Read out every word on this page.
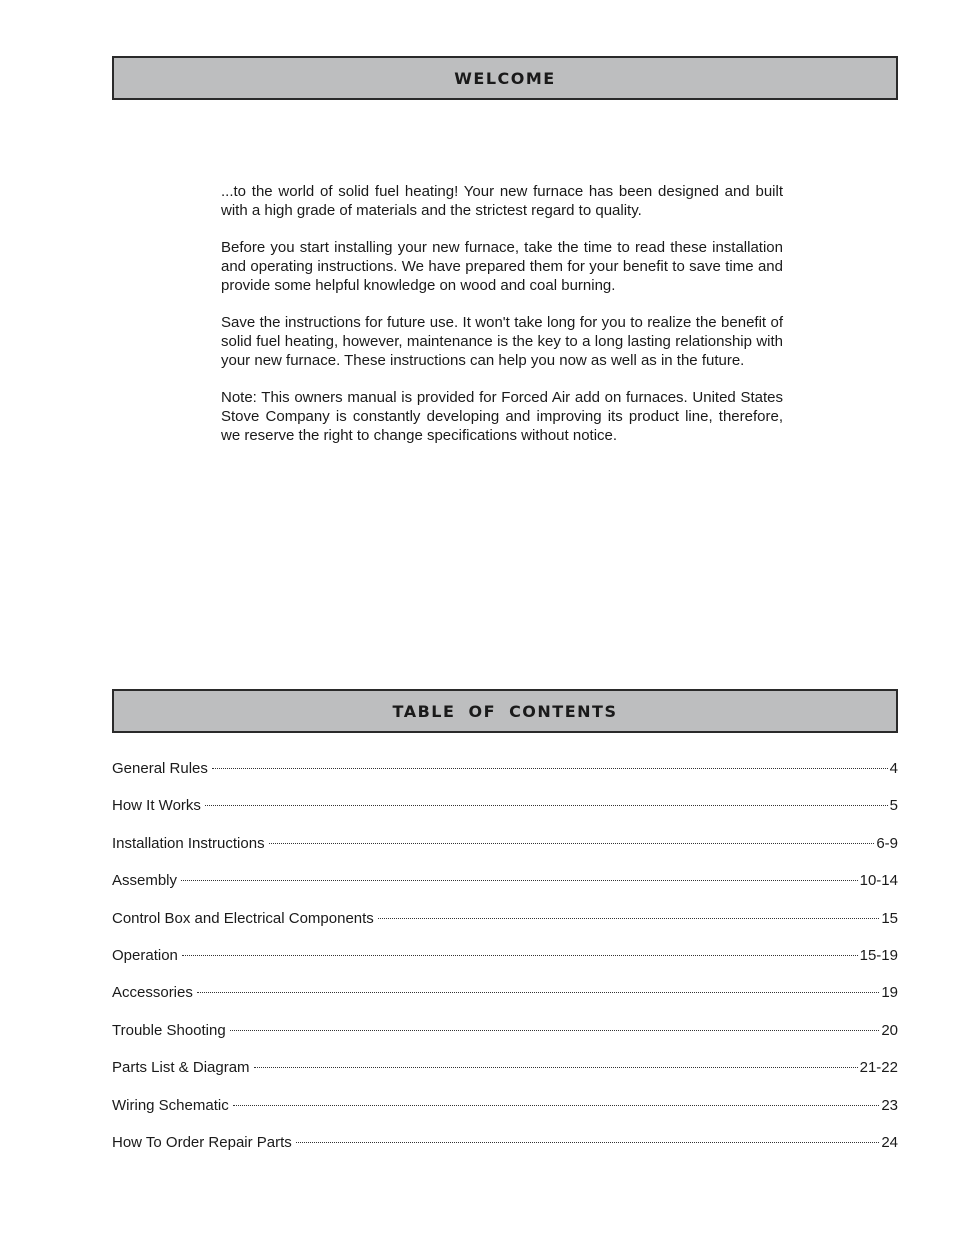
WELCOME

...to the world of solid fuel heating! Your new furnace has been designed and built with a high grade of materials and the strictest regard to quality.

Before you start installing your new furnace, take the time to read these installation and operating instructions. We have prepared them for your benefit to save time and provide some helpful knowledge on wood and coal burning.

Save the instructions for future use. It won't take long for you to realize the benefit of solid fuel heating, however, maintenance is the key to a long lasting relationship with your new furnace. These instructions can help you now as well as in the future.

Note: This owners manual is provided for Forced Air add on furnaces. United States Stove Company is constantly developing and improving its product line, therefore, we reserve the right to change specifications without notice.

TABLE OF CONTENTS
General Rules	4
How It Works	5
Installation Instructions	6-9
Assembly	10-14
Control Box and Electrical Components	15
Operation	15-19
Accessories	19
Trouble Shooting	20
Parts List & Diagram	21-22
Wiring Schematic	23
How To Order Repair Parts	24
